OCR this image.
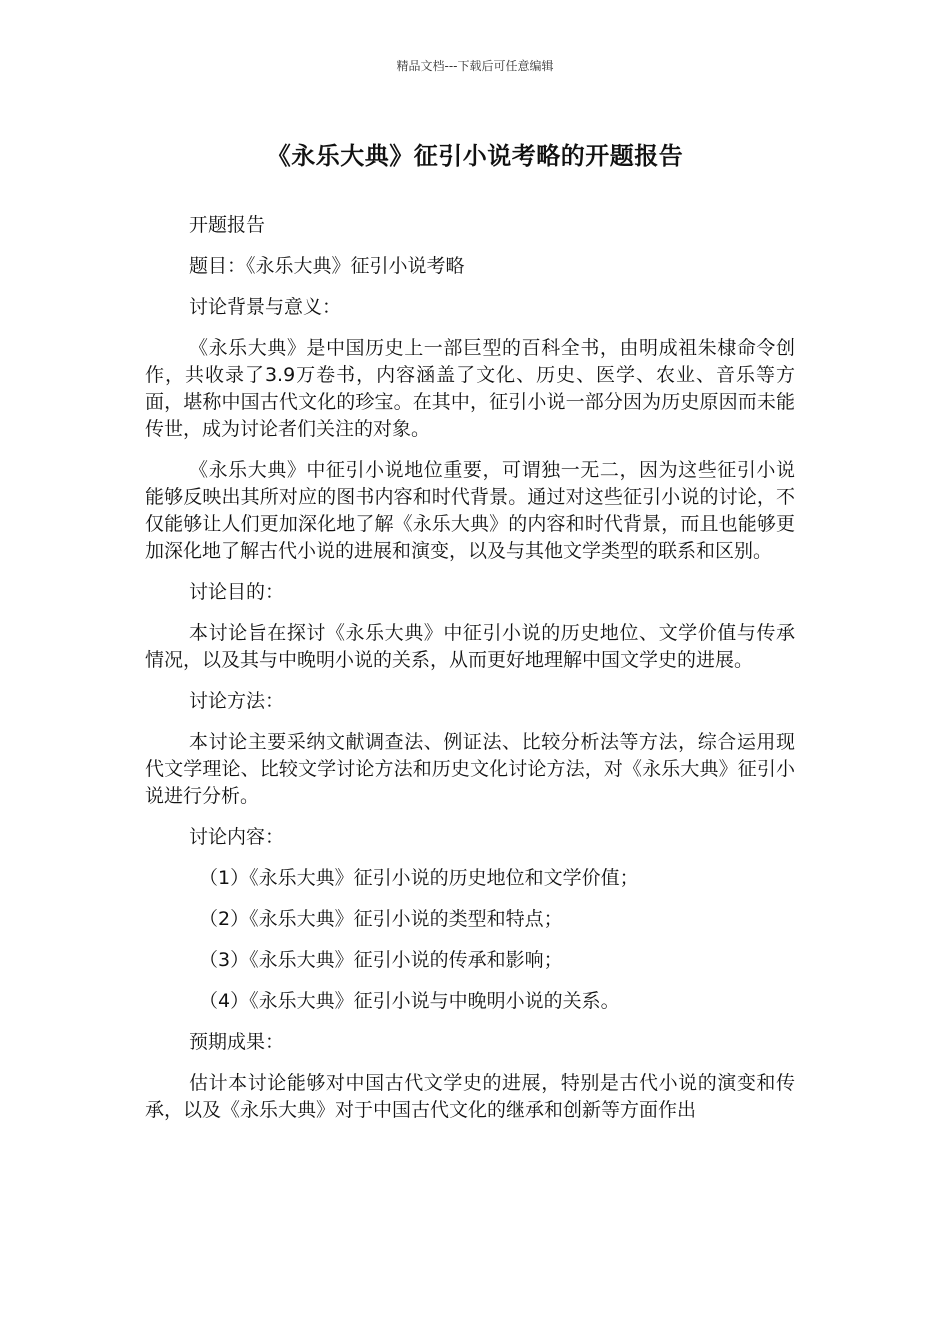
精品文档---下载后可任意编辑
《永乐大典》征引小说考略的开题报告
开题报告
题目：《永乐大典》征引小说考略
讨论背景与意义：

《永乐大典》是中国历史上一部巨型的百科全书，由明成祖朱棣命令创作，共收录了3.9万卷书，内容涵盖了文化、历史、医学、农业、音乐等方面，堪称中国古代文化的珍宝。在其中，征引小说一部分因为历史原因而未能传世，成为讨论者们关注的对象。

《永乐大典》中征引小说地位重要，可谓独一无二，因为这些征引小说能够反映出其所对应的图书内容和时代背景。通过对这些征引小说的讨论，不仅能够让人们更加深化地了解《永乐大典》的内容和时代背景，而且也能够更加深化地了解古代小说的进展和演变，以及与其他文学类型的联系和区别。

讨论目的：

本讨论旨在探讨《永乐大典》中征引小说的历史地位、文学价值与传承情况，以及其与中晚明小说的关系，从而更好地理解中国文学史的进展。

讨论方法：

本讨论主要采纳文献调查法、例证法、比较分析法等方法，综合运用现代文学理论、比较文学讨论方法和历史文化讨论方法，对《永乐大典》征引小说进行分析。

讨论内容：
（1）《永乐大典》征引小说的历史地位和文学价值；
（2）《永乐大典》征引小说的类型和特点；
（3）《永乐大典》征引小说的传承和影响；
（4）《永乐大典》征引小说与中晚明小说的关系。
预期成果：

估计本讨论能够对中国古代文学史的进展，特别是古代小说的演变和传承，以及《永乐大典》对于中国古代文化的继承和创新等方面作出
